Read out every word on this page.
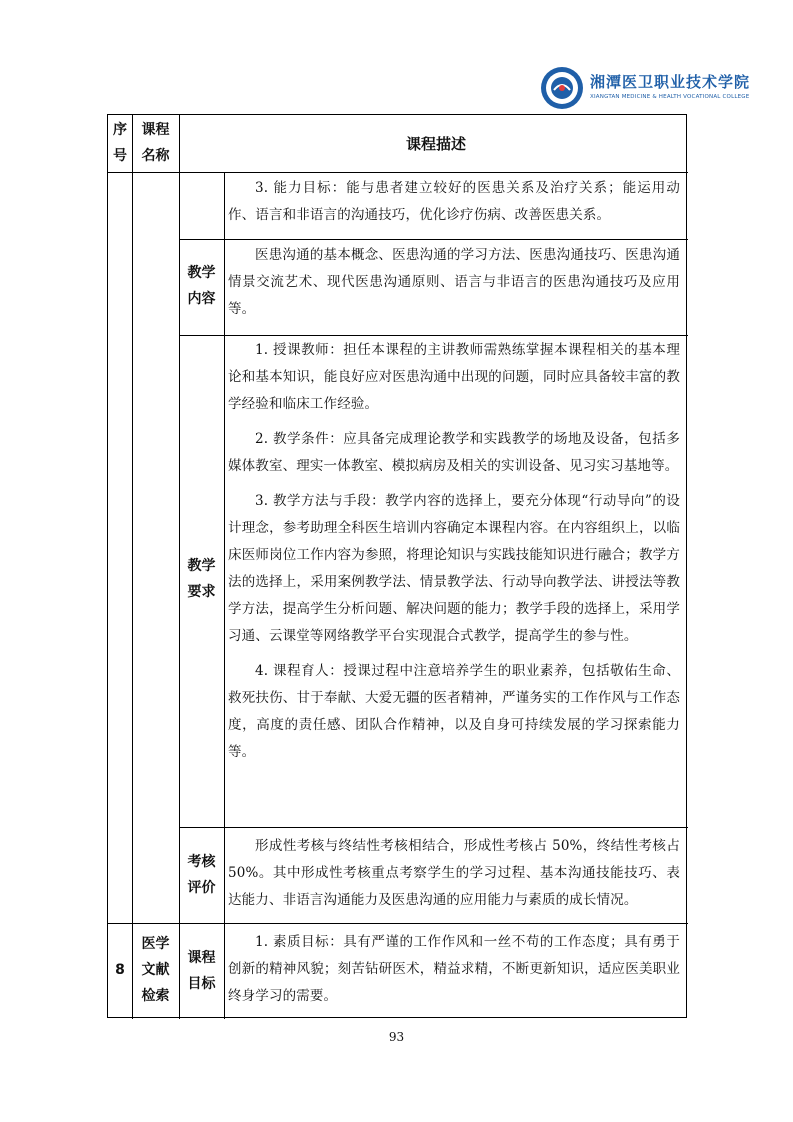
湘潭医卫职业技术学院
XIANGTAN MEDICINE & HEALTH VOCATIONAL COLLEGE
序
号
课程
名称
课程描述

3. 能力目标：能与患者建立较好的医患关系及治疗关系；能运用动作、语言和非语言的沟通技巧，优化诊疗伤病、改善医患关系。

教学
内容

医患沟通的基本概念、医患沟通的学习方法、医患沟通技巧、医患沟通情景交流艺术、现代医患沟通原则、语言与非语言的医患沟通技巧及应用等。

教学
要求

1. 授课教师：担任本课程的主讲教师需熟练掌握本课程相关的基本理论和基本知识，能良好应对医患沟通中出现的问题，同时应具备较丰富的教学经验和临床工作经验。

2. 教学条件：应具备完成理论教学和实践教学的场地及设备，包括多媒体教室、理实一体教室、模拟病房及相关的实训设备、见习实习基地等。

3. 教学方法与手段：教学内容的选择上，要充分体现“行动导向”的设计理念，参考助理全科医生培训内容确定本课程内容。在内容组织上，以临床医师岗位工作内容为参照，将理论知识与实践技能知识进行融合；教学方法的选择上，采用案例教学法、情景教学法、行动导向教学法、讲授法等教学方法，提高学生分析问题、解决问题的能力；教学手段的选择上，采用学习通、云课堂等网络教学平台实现混合式教学，提高学生的参与性。

4. 课程育人：授课过程中注意培养学生的职业素养，包括敬佑生命、救死扶伤、甘于奉献、大爱无疆的医者精神，严谨务实的工作作风与工作态度，高度的责任感、团队合作精神，以及自身可持续发展的学习探索能力等。

考核
评价

形成性考核与终结性考核相结合，形成性考核占 50%，终结性考核占 50%。其中形成性考核重点考察学生的学习过程、基本沟通技能技巧、表达能力、非语言沟通能力及医患沟通的应用能力与素质的成长情况。

8
医学
文献
检索
课程
目标

1. 素质目标：具有严谨的工作作风和一丝不苟的工作态度；具有勇于创新的精神风貌；刻苦钻研医术，精益求精，不断更新知识，适应医美职业终身学习的需要。

93
